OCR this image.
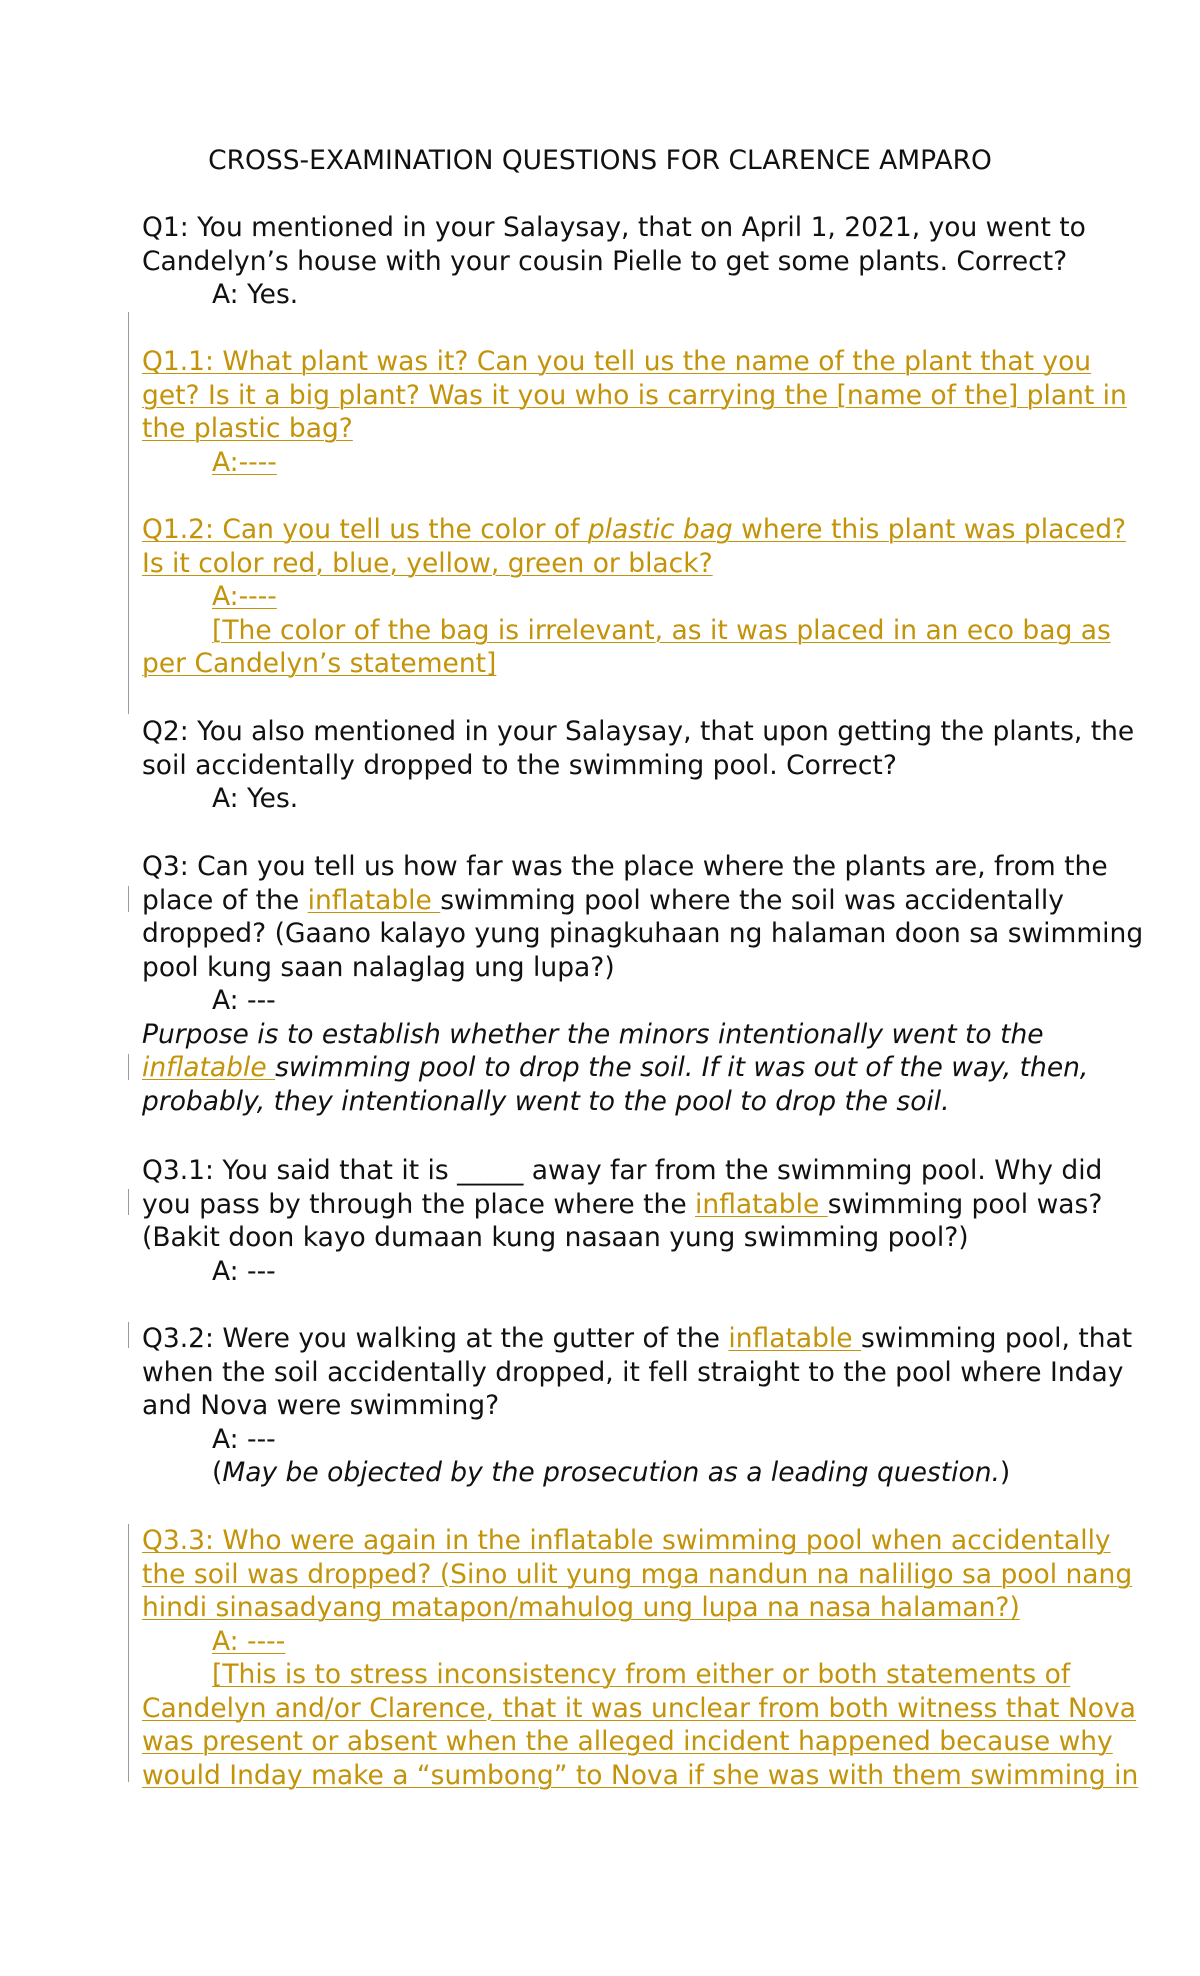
CROSS-EXAMINATION QUESTIONS FOR CLARENCE AMPARO
Q1: You mentioned in your Salaysay, that on April 1, 2021, you went to
Candelyn’s house with your cousin Pielle to get some plants. Correct?
A: Yes.
Q1.1: What plant was it? Can you tell us the name of the plant that you
get? Is it a big plant? Was it you who is carrying the [name of the] plant in
the plastic bag?
A:----
Q1.2: Can you tell us the color of plastic bag where this plant was placed?
Is it color red, blue, yellow, green or black?
A:----
[The color of the bag is irrelevant, as it was placed in an eco bag as
per Candelyn’s statement]
Q2: You also mentioned in your Salaysay, that upon getting the plants, the
soil accidentally dropped to the swimming pool. Correct?
A: Yes.
Q3: Can you tell us how far was the place where the plants are, from the
place of the inflatable swimming pool where the soil was accidentally
dropped? (Gaano kalayo yung pinagkuhaan ng halaman doon sa swimming
pool kung saan nalaglag ung lupa?)
A: ---
Purpose is to establish whether the minors intentionally went to the
inflatable swimming pool to drop the soil. If it was out of the way, then,
probably, they intentionally went to the pool to drop the soil.
Q3.1: You said that it is _____ away far from the swimming pool. Why did
you pass by through the place where the inflatable swimming pool was?
(Bakit doon kayo dumaan kung nasaan yung swimming pool?)
A: ---
Q3.2: Were you walking at the gutter of the inflatable swimming pool, that
when the soil accidentally dropped, it fell straight to the pool where Inday
and Nova were swimming?
A: ---
(May be objected by the prosecution as a leading question.)
Q3.3: Who were again in the inflatable swimming pool when accidentally
the soil was dropped? (Sino ulit yung mga nandun na naliligo sa pool nang
hindi sinasadyang matapon/mahulog ung lupa na nasa halaman?)
A: ----
[This is to stress inconsistency from either or both statements of
Candelyn and/or Clarence, that it was unclear from both witness that Nova
was present or absent when the alleged incident happened because why
would Inday make a “sumbong” to Nova if she was with them swimming in
